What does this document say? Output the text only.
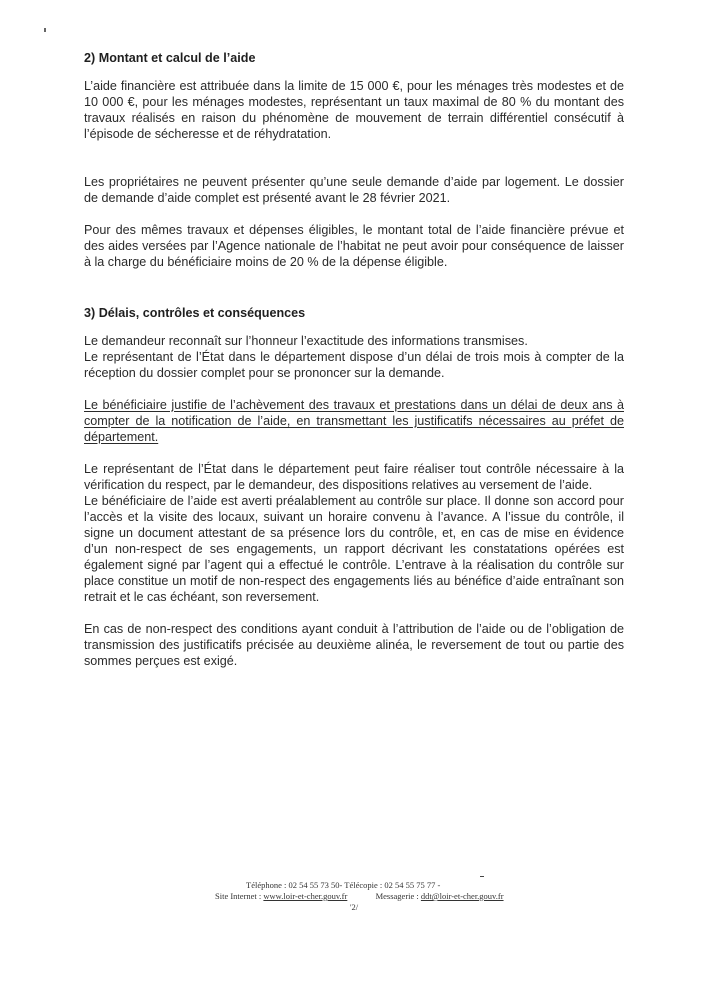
2) Montant et calcul de l’aide

L’aide financière est attribuée dans la limite de 15 000 €, pour les ménages très modestes et de 10 000 €, pour les ménages modestes, représentant un taux maximal de 80 % du montant des travaux réalisés en raison du phénomène de mouvement de terrain différentiel consécutif à l’épisode de sécheresse et de réhydratation.

Les propriétaires ne peuvent présenter qu’une seule demande d’aide par logement. Le dossier de demande d’aide complet est présenté avant le 28 février 2021.

Pour des mêmes travaux et dépenses éligibles, le montant total de l’aide financière prévue et des aides versées par l’Agence nationale de l’habitat ne peut avoir pour conséquence de laisser à la charge du bénéficiaire moins de 20 % de la dépense éligible.

3) Délais, contrôles et conséquences

Le demandeur reconnaît sur l’honneur l’exactitude des informations transmises.

Le représentant de l’État dans le département dispose d’un délai de trois mois à compter de la réception du dossier complet pour se prononcer sur la demande.

Le bénéficiaire justifie de l’achèvement des travaux et prestations dans un délai de deux ans à compter de la notification de l’aide, en transmettant les justificatifs nécessaires au préfet de département.

Le représentant de l’État dans le département peut faire réaliser tout contrôle nécessaire à la vérification du respect, par le demandeur, des dispositions relatives au versement de l’aide.

Le bénéficiaire de l’aide est averti préalablement au contrôle sur place. Il donne son accord pour l’accès et la visite des locaux, suivant un horaire convenu à l’avance. A l’issue du contrôle, il signe un document attestant de sa présence lors du contrôle, et, en cas de mise en évidence d’un non-respect de ses engagements, un rapport décrivant les constatations opérées est également signé par l’agent qui a effectué le contrôle. L’entrave à la réalisation du contrôle sur place constitue un motif de non-respect des engagements liés au bénéfice d’aide entraînant son retrait et le cas échéant, son reversement.

En cas de non-respect des conditions ayant conduit à l’attribution de l’aide ou de l’obligation de transmission des justificatifs précisée au deuxième alinéa, le reversement de tout ou partie des sommes perçues est exigé.

Téléphone : 02 54 55 73 50- Télécopie : 02 54 55 75 77 -
Site Internet : www.loir-et-cher.gouv.fr	Messagerie : ddt@loir-et-cher.gouv.fr
'2/
